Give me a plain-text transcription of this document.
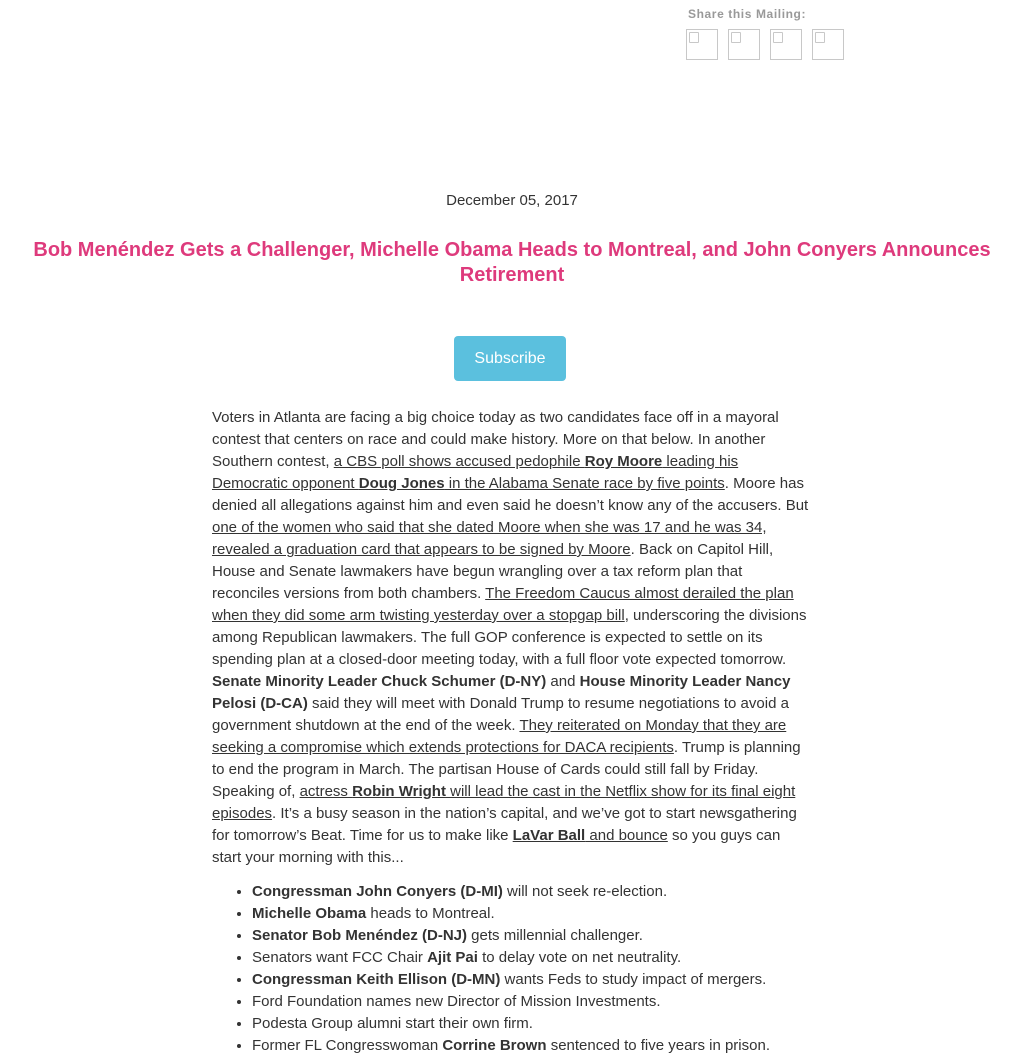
Share this Mailing:
December 05, 2017
Bob Menéndez Gets a Challenger, Michelle Obama Heads to Montreal, and John Conyers Announces Retirement
Subscribe

Voters in Atlanta are facing a big choice today as two candidates face off in a mayoral contest that centers on race and could make history. More on that below. In another Southern contest, a CBS poll shows accused pedophile Roy Moore leading his Democratic opponent Doug Jones in the Alabama Senate race by five points. Moore has denied all allegations against him and even said he doesn’t know any of the accusers. But one of the women who said that she dated Moore when she was 17 and he was 34, revealed a graduation card that appears to be signed by Moore. Back on Capitol Hill, House and Senate lawmakers have begun wrangling over a tax reform plan that reconciles versions from both chambers. The Freedom Caucus almost derailed the plan when they did some arm twisting yesterday over a stopgap bill, underscoring the divisions among Republican lawmakers. The full GOP conference is expected to settle on its spending plan at a closed-door meeting today, with a full floor vote expected tomorrow. Senate Minority Leader Chuck Schumer (D-NY) and House Minority Leader Nancy Pelosi (D-CA) said they will meet with Donald Trump to resume negotiations to avoid a government shutdown at the end of the week. They reiterated on Monday that they are seeking a compromise which extends protections for DACA recipients. Trump is planning to end the program in March. The partisan House of Cards could still fall by Friday. Speaking of, actress Robin Wright will lead the cast in the Netflix show for its final eight episodes. It’s a busy season in the nation’s capital, and we’ve got to start newsgathering for tomorrow’s Beat. Time for us to make like LaVar Ball and bounce so you guys can start your morning with this...

• Congressman John Conyers (D-MI) will not seek re-election.
• Michelle Obama heads to Montreal.
• Senator Bob Menéndez (D-NJ) gets millennial challenger.
• Senators want FCC Chair Ajit Pai to delay vote on net neutrality.
• Congressman Keith Ellison (D-MN) wants Feds to study impact of mergers.
• Ford Foundation names new Director of Mission Investments.
• Podesta Group alumni start their own firm.
• Former FL Congresswoman Corrine Brown sentenced to five years in prison.
